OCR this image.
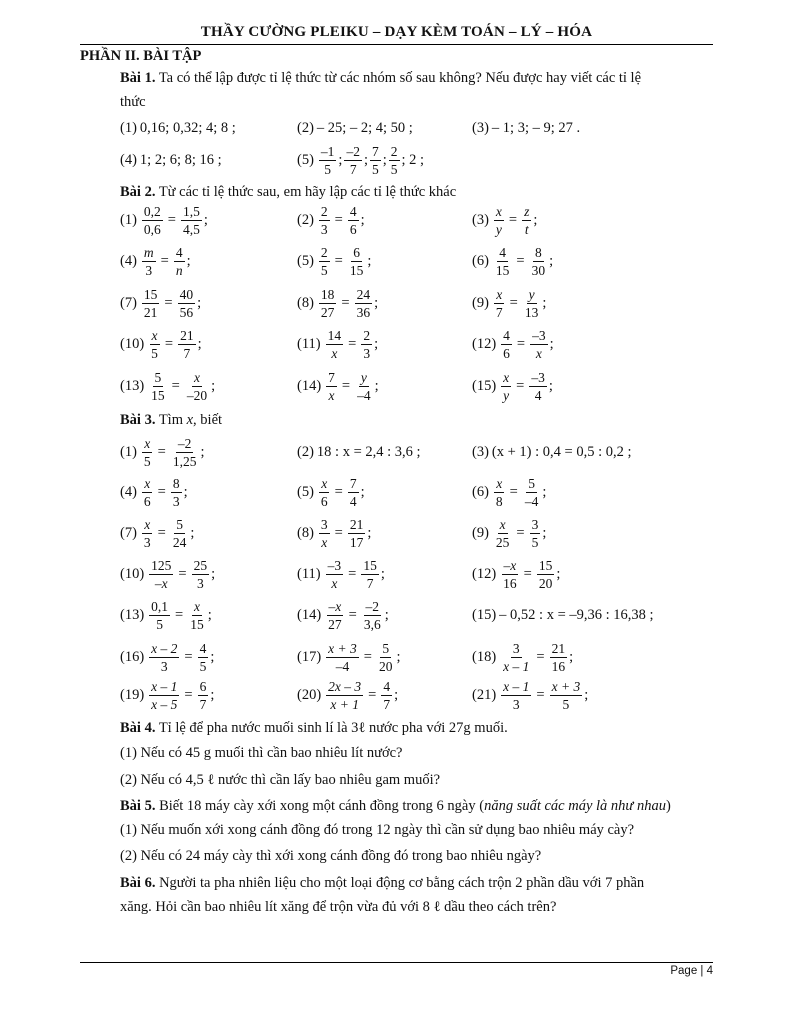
THẦY CƯỜNG PLEIKU – DẠY KÈM TOÁN – LÝ – HÓA
PHẦN II. BÀI TẬP
Bài 1. Ta có thể lập được tỉ lệ thức từ các nhóm số sau không? Nếu được hay viết các tỉ lệ
thức
(1) 0,16; 0,32; 4; 8 ;	(2) – 25; – 2; 4; 50 ;	(3) – 1; 3; – 9; 27 .
(4) 1; 2; 6; 8; 16 ;	$(5) \frac{-1}{5}$ ; $\frac{-2}{7}$ ; $\frac{7}{5}$ ; $\frac{2}{5}$ ; 2 ;
Bài 2. Từ các tỉ lệ thức sau, em hãy lập các tỉ lệ thức khác
$(1) \frac{0,2}{0,6} = \frac{1,5}{4,5}$ ;	$(2) \frac{2}{3} = \frac{4}{6}$ ;	$(3) \frac{x}{y} = \frac{z}{t}$ ;
$(4) \frac{m}{3} = \frac{4}{n}$ ;	$(5) \frac{2}{5} = \frac{6}{15}$ ;	$(6) \frac{4}{15} = \frac{8}{30}$ ;
$(7) \frac{15}{21} = \frac{40}{56}$ ;	$(8) \frac{18}{27} = \frac{24}{36}$ ;	$(9) \frac{x}{7} = \frac{y}{13}$ ;
$(10) \frac{x}{5} = \frac{21}{7}$ ;	$(11) \frac{14}{x} = \frac{2}{3}$ ;	$(12) \frac{4}{6} = \frac{-3}{x}$ ;
$(13) \frac{5}{15} = \frac{x}{-20}$ ;	$(14) \frac{7}{x} = \frac{y}{-4}$ ;	$(15) \frac{x}{y} = \frac{-3}{4}$ ;
Bài 3. Tìm x, biết
$(1) \frac{x}{5} = \frac{-2}{1,25}$ ;	(2) 18 : x = 2,4 : 3,6 ;	(3) (x + 1) : 0,4 = 0,5 : 0,2 ;
$(4) \frac{x}{6} = \frac{8}{3}$ ;	$(5) \frac{x}{6} = \frac{7}{4}$ ;	$(6) \frac{x}{8} = \frac{5}{-4}$ ;
$(7) \frac{x}{3} = \frac{5}{24}$ ;	$(8) \frac{3}{x} = \frac{21}{17}$ ;	$(9) \frac{x}{25} = \frac{3}{5}$ ;
$(10) \frac{125}{-x} = \frac{25}{3}$ ;	$(11) \frac{-3}{x} = \frac{15}{7}$ ;	$(12) \frac{-x}{16} = \frac{15}{20}$ ;
$(13) \frac{0,1}{5} = \frac{x}{15}$ ;	$(14) \frac{-x}{27} = \frac{-2}{3,6}$ ;	(15) – 0,52 : x = –9,36 : 16,38 ;
$(16) \frac{x - 2}{3} = \frac{4}{5}$ ;	$(17) \frac{x + 3}{-4} = \frac{5}{20}$ ;	$(18) \frac{3}{x - 1} = \frac{21}{16}$ ;
$(19) \frac{x - 1}{x - 5} = \frac{6}{7}$ ;	$(20) \frac{2x - 3}{x + 1} = \frac{4}{7}$ ;	$(21) \frac{x - 1}{3} = \frac{x + 3}{5}$ ;
Bài 4. Tỉ lệ để pha nước muối sinh lí là 3ℓ nước pha với 27g muối.
(1) Nếu có 45 g muối thì cần bao nhiêu lít nước?
(2) Nếu có 4,5 ℓ nước thì cần lấy bao nhiêu gam muối?
Bài 5. Biết 18 máy cày xới xong một cánh đồng trong 6 ngày (năng suất các máy là như nhau)
(1) Nếu muốn xới xong cánh đồng đó trong 12 ngày thì cần sử dụng bao nhiêu máy cày?
(2) Nếu có 24 máy cày thì xới xong cánh đồng đó trong bao nhiêu ngày?
Bài 6. Người ta pha nhiên liệu cho một loại động cơ bằng cách trộn 2 phần dầu với 7 phần
xăng. Hỏi cần bao nhiêu lít xăng để trộn vừa đủ với 8 ℓ dầu theo cách trên?
Page | 4
